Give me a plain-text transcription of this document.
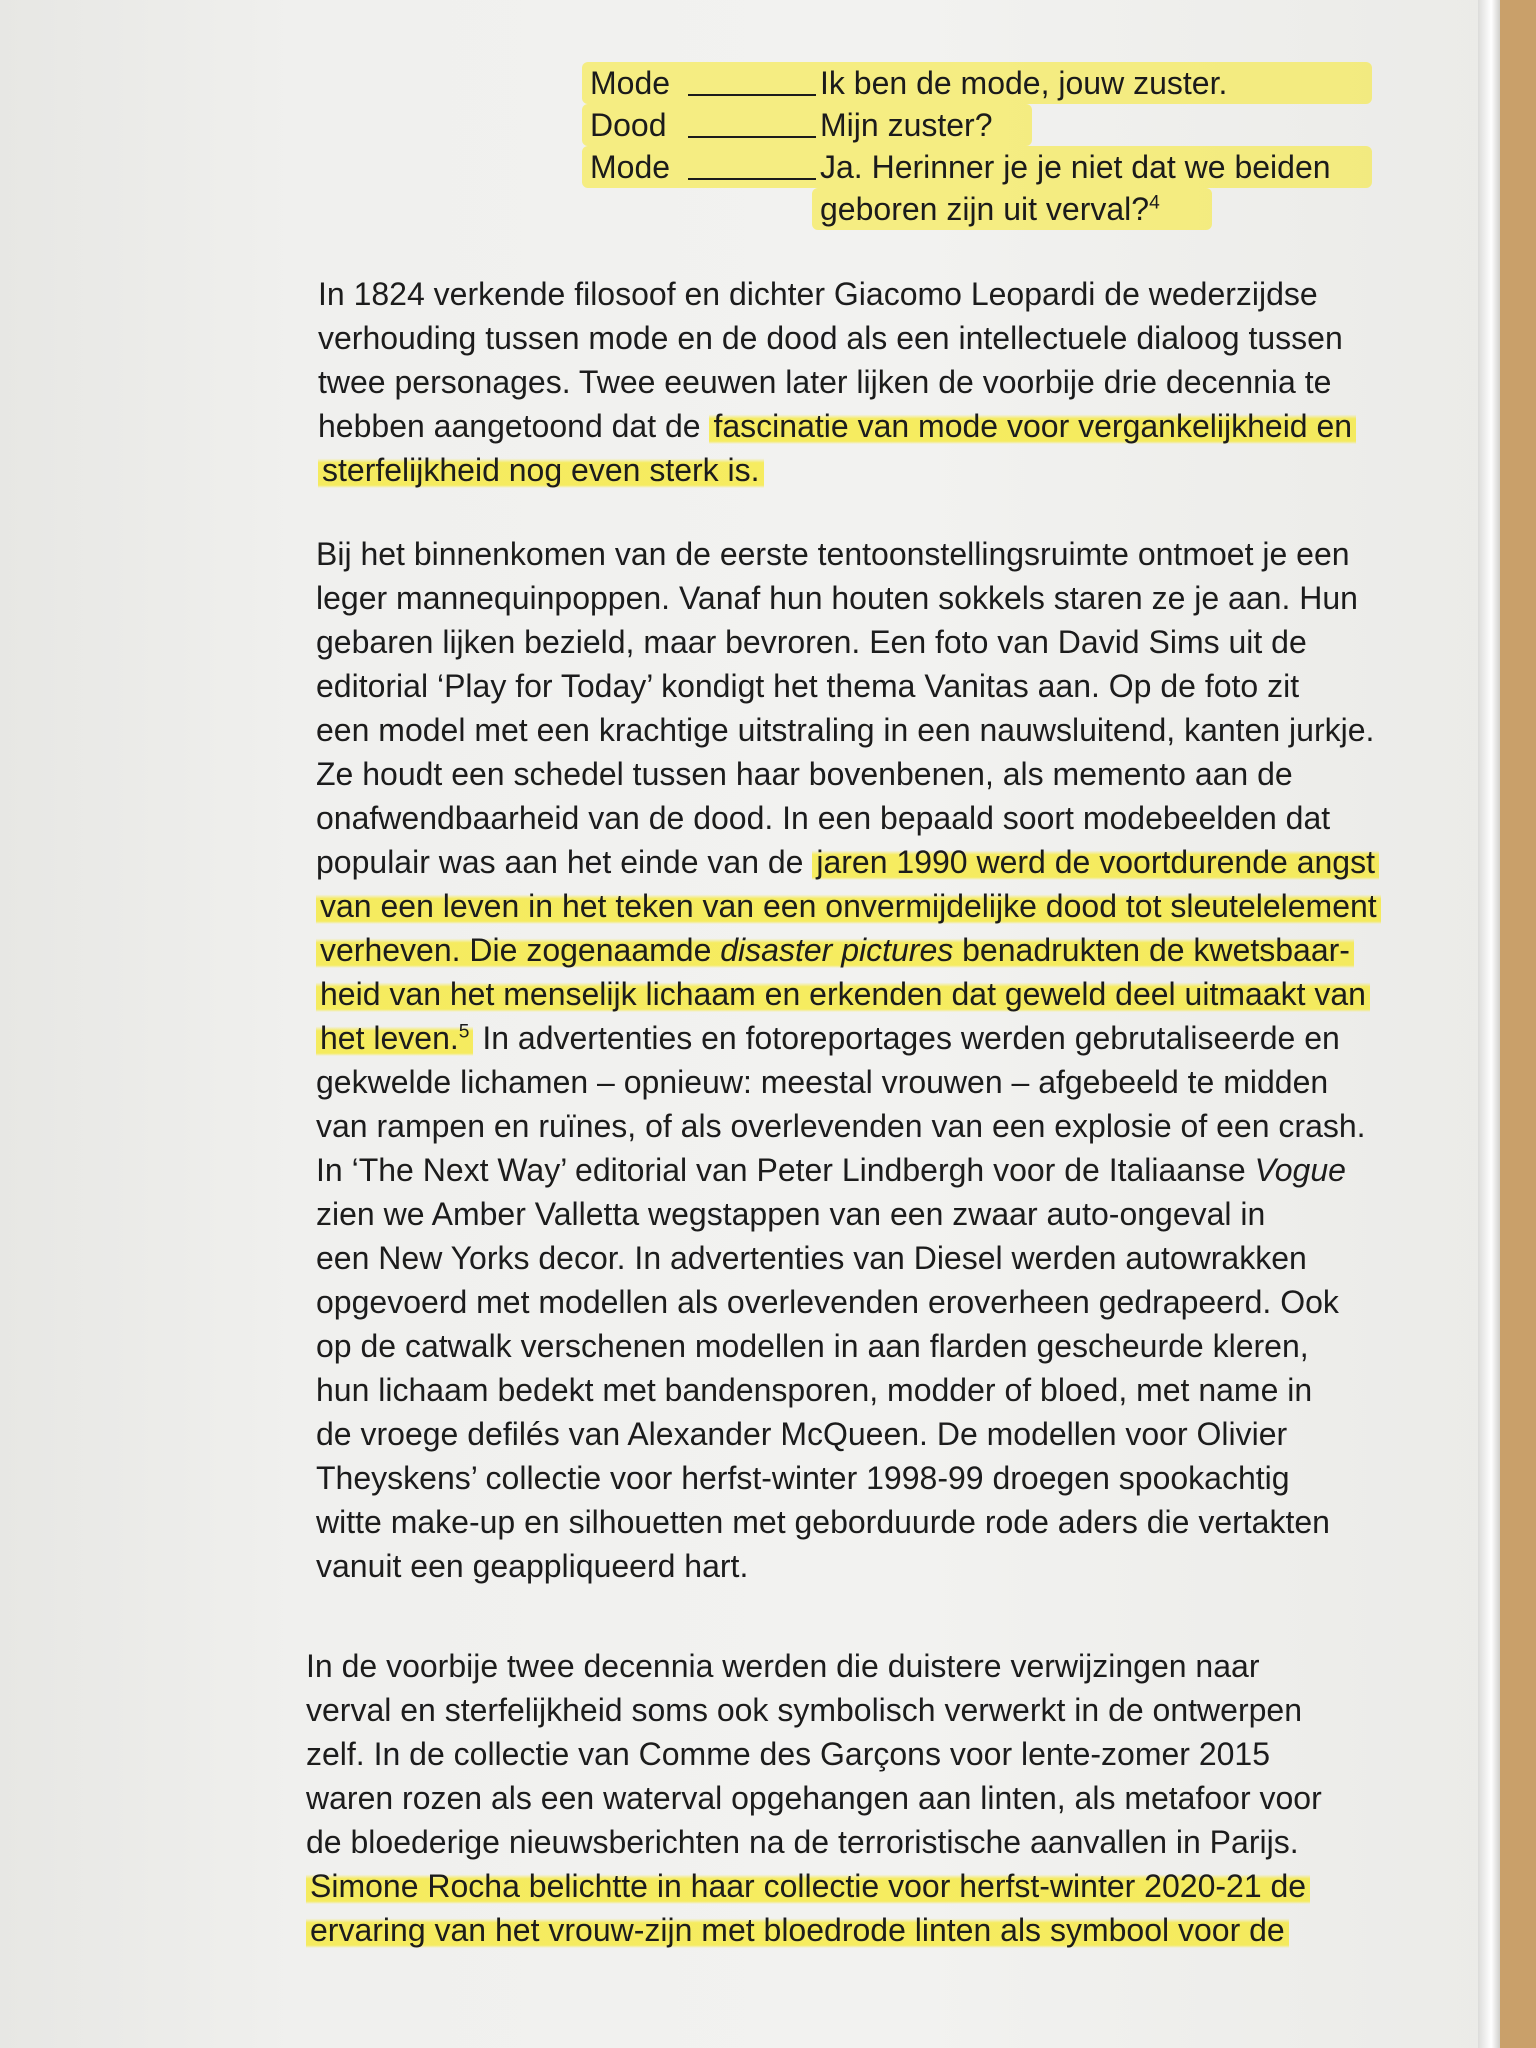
Mode	Ik ben de mode, jouw zuster.
Dood	Mijn zuster?
Mode	Ja. Herinner je je niet dat we beiden
geboren zijn uit verval?$^4$

In 1824 verkende filosoof en dichter Giacomo Leopardi de wederzijdse
verhouding tussen mode en de dood als een intellectuele dialoog tussen
twee personages. Twee eeuwen later lijken de voorbije drie decennia te
hebben aangetoond dat de fascinatie van mode voor vergankelijkheid en
sterfelijkheid nog even sterk is.

Bij het binnenkomen van de eerste tentoonstellingsruimte ontmoet je een
leger mannequinpoppen. Vanaf hun houten sokkels staren ze je aan. Hun
gebaren lijken bezield, maar bevroren. Een foto van David Sims uit de
editorial ‘Play for Today’ kondigt het thema Vanitas aan. Op de foto zit
een model met een krachtige uitstraling in een nauwsluitend, kanten jurkje.
Ze houdt een schedel tussen haar bovenbenen, als memento aan de
onafwendbaarheid van de dood. In een bepaald soort modebeelden dat
populair was aan het einde van de jaren 1990 werd de voortdurende angst
van een leven in het teken van een onvermijdelijke dood tot sleutelelement
verheven. Die zogenaamde disaster pictures benadrukten de kwetsbaar-
heid van het menselijk lichaam en erkenden dat geweld deel uitmaakt van
het leven.$^5$ In advertenties en fotoreportages werden gebrutaliseerde en
gekwelde lichamen – opnieuw: meestal vrouwen – afgebeeld te midden
van rampen en ruïnes, of als overlevenden van een explosie of een crash.
In ‘The Next Way’ editorial van Peter Lindbergh voor de Italiaanse Vogue
zien we Amber Valletta wegstappen van een zwaar auto-ongeval in
een New Yorks decor. In advertenties van Diesel werden autowrakken
opgevoerd met modellen als overlevenden eroverheen gedrapeerd. Ook
op de catwalk verschenen modellen in aan flarden gescheurde kleren,
hun lichaam bedekt met bandensporen, modder of bloed, met name in
de vroege defilés van Alexander McQueen. De modellen voor Olivier
Theyskens’ collectie voor herfst-winter 1998-99 droegen spookachtig
witte make-up en silhouetten met geborduurde rode aders die vertakten
vanuit een geappliqueerd hart.

In de voorbije twee decennia werden die duistere verwijzingen naar
verval en sterfelijkheid soms ook symbolisch verwerkt in de ontwerpen
zelf. In de collectie van Comme des Garçons voor lente-zomer 2015
waren rozen als een waterval opgehangen aan linten, als metafoor voor
de bloederige nieuwsberichten na de terroristische aanvallen in Parijs.
Simone Rocha belichtte in haar collectie voor herfst-winter 2020-21 de
ervaring van het vrouw-zijn met bloedrode linten als symbool voor de
